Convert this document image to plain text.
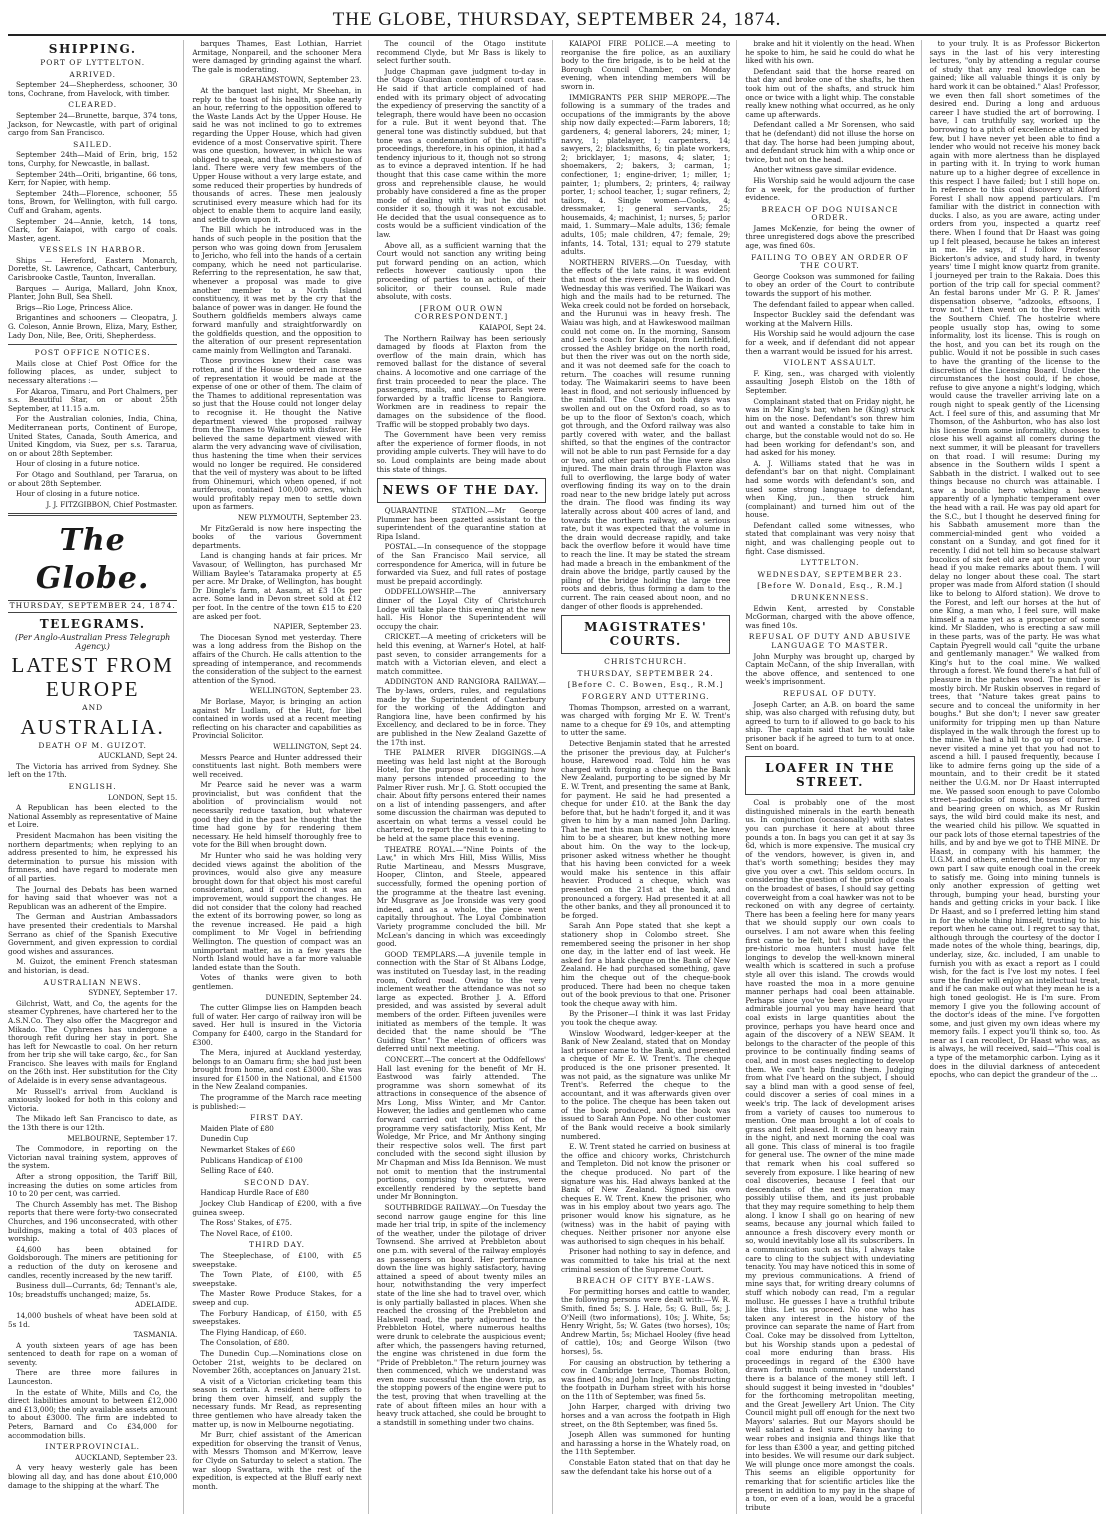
THE GLOBE, THURSDAY, SEPTEMBER 24, 1874.
SHIPPING.
PORT OF LYTTELTON.
ARRIVED.

September 24—Shepherdess, schooner, 30 tons, Cochrane, from Havelock, with timber.

CLEARED.

September 24—Brunette, barque, 374 tons, Jackson, for Newcastle, with part of original cargo from San Francisco.

SAILED.

September 24th—Maid of Erin, brig, 152 tons, Curphy, for Newcastle, in ballast.

September 24th—Oriti, brigantine, 66 tons, Kerr, for Napier, with hemp.

September 24th—Florence, schooner, 55 tons, Brown, for Wellington, with full cargo. Cuff and Graham, agents.

September 24—Annie, ketch, 14 tons, Clark, for Kaiapoi, with cargo of coals. Master, agent.

VESSELS IN HARBOR.

Ships — Hereford, Eastern Monarch, Dorette, St. Lawrence, Cathcart, Canterbury, Carisbrooke Castle, Taunton, Inverallan.

Barques — Auriga, Mallard, John Knox, Planter, John Bull, Sea Shell.

Brigs—Rio Loge, Princess Alice.

Brigantines and schooners — Cleopatra, J. G. Coleson, Annie Brown, Eliza, Mary, Esther, Lady Don, Nile, Bee, Oriti, Shepherdess.

POST OFFICE NOTICES.

Mails close at Chief Post Office for the following places, as under, subject to necessary alterations :—

For Akaroa, Timaru, and Port Chalmers, per s.s. Beautiful Star, on or about 25th September, at 11.15 a.m.

For the Australian colonies, India, China, Mediterranean ports, Continent of Europe, United States, Canada, South America, and United Kingdom, via Suez, per s.s. Tararua, on or about 28th September.

Hour of closing in a future notice.

For Otago and Southland, per Tararua, on or about 28th September.

Hour of closing in a future notice.

J. J. FITZGIBBON, Chief Postmaster.

The Globe.
THURSDAY, SEPTEMBER 24, 1874.
TELEGRAMS.
(Per Anglo-Australian Press Telegraph Agency.)
LATEST FROM EUROPE
AND
AUSTRALIA.
DEATH OF M. GUIZOT.

AUCKLAND, Sept 24.

The Victoria has arrived from Sydney. She left on the 17th.

ENGLISH.

LONDON, Sept 15.

A Republican has been elected to the National Assembly as representative of Maine et Loire.

President Macmahon has been visiting the northern departments; when replying to an address presented to him, he expressed his determination to pursue his mission with firmness, and have regard to moderate men of all parties.

The Journal des Debats has been warned for having said that whoever was not a Republican was an adherent of the Empire.

The German and Austrian Ambassadors have presented their credentials to Marshal Serrano as chief of the Spanish Executive Government, and given expression to cordial good wishes and assurances.

M. Guizot, the eminent French statesman and historian, is dead.

AUSTRALIAN NEWS.

SYDNEY, September 17.

Gilchrist, Watt, and Co, the agents for the steamer Cyphrenes, have chartered her to the A.S.N.Co. They also offer the Macgregor and Mikado. The Cyphrenes has undergone a thorough refit during her stay in port. She has left for Newcastle to coal. On her return from her trip she will take cargo, &c., for San Francisco. She leaves with mails for England on the 26th inst. Her substitution for the City of Adelaide is in every sense advantageous.

Mr Russell's arrival from Auckland is anxiously looked for both in this colony and Victoria.

The Mikado left San Francisco to date, as the 13th there is our 12th.

MELBOURNE, September 17.

The Commodore, in reporting on the Victorian naval training system, approves of the system.

After a strong opposition, the Tariff Bill, increasing the duties on some articles from 10 to 20 per cent, was carried.

The Church Assembly has met. The Bishop reports that there were forty-two consecrated Churches, and 196 unconsecrated, with other buildings, making a total of 403 places of worship.

£4,600 has been obtained for Goldsborough. The miners are petitioning for a reduction of the duty on kerosene and candles, recently increased by the new tariff.

Business dull—Currants, 6d; Tennant's ale, 10s; breadstuffs unchanged; maize, 5s.

ADELAIDE.

14,000 bushels of wheat have been sold at 5s 1d.

TASMANIA.

A youth sixteen years of age has been sentenced to death for rape on a woman of seventy.

There are three more failures in Launceston.

In the estate of White, Mills and Co, the direct liabilities amount to between £12,000 and £13,000; the only available assets amount to about £3000. The firm are indebted to Peters, Barnard and Co £34,000 for accommodation bills.

INTERPROVINCIAL.

AUCKLAND, September 23.

A very heavy westerly gale has been blowing all day, and has done about £10,000 damage to the shipping at the wharf. The

barques Thames, East Lothian, Harriet Armitage, Nonpareil, and the schooner Mera were damaged by grinding against the wharf. The gale is moderating.

GRAHAMSTOWN, September 23.

At the banquet last night, Mr Sheehan, in reply to the toast of his health, spoke nearly an hour, referring to the opposition offered to the Waste Lands Act by the Upper House. He said he was not inclined to go to extremes regarding the Upper House, which had given evidence of a most Conservative spirit. There was one question, however, in which he was obliged to speak, and that was the question of land. There were very few members of the Upper House without a very large estate, and some reduced their properties by hundreds of thousands of acres. These men jealously scrutinised every measure which had for its object to enable them to acquire land easily, and settle down upon it.

The Bill which he introduced was in the hands of such people in the position that the person who was going down from Jerusalem to Jericho, who fell into the hands of a certain company, which he need not particularise. Referring to the representation, he saw that, whenever a proposal was made to give another member to a North Island constituency, it was met by the cry that the balance of power was in danger. He found the Southern goldfields members always came forward manfully and straightforwardly on the goldfields question, and the opposition to the alteration of our present representation came mainly from Wellington and Taranaki.

Those provinces knew their case was rotten, and if the House ordered an increase of representation it would be made at the expense of one or other of them. The claim of the Thames to additional representation was so just that the House could not longer delay to recognise it. He thought the Native department viewed the proposed railway from the Thames to Waikato with disfavor. He believed the same department viewed with alarm the very advancing wave of civilisation, thus hastening the time when their services would no longer be required. He considered that the veil of mystery was about to be lifted from Ohinemuri, which when opened, if not auriferous, contained 100,000 acres, which would profitably repay men to settle down upon as farmers.

NEW PLYMOUTH, September 23.

Mr FitzGerald is now here inspecting the books of the various Government departments.

Land is changing hands at fair prices. Mr Vavasour, of Wellington, has purchased Mr William Baylee's Tataramaka property at £5 per acre. Mr Drake, of Wellington, has bought Dr Dingle's farm, at Aasam, at £3 10s per acre. Some land in Devon street sold at £12 per foot. In the centre of the town £15 to £20 are asked per foot.

NAPIER, September 23.

The Diocesan Synod met yesterday. There was a long address from the Bishop on the affairs of the Church. He calls attention to the spreading of intemperance, and recommends the consideration of the subject to the earnest attention of the Synod.

WELLINGTON, September 23.

Mr Borlase, Mayor, is bringing an action against Mr Ludlam, of the Hutt, for libel contained in words used at a recent meeting reflecting on his character and capabilities as Provincial Solicitor.

WELLINGTON, Sept 24.

Messrs Pearce and Hunter addressed their constituents last night. Both members were well received.

Mr Pearce said he never was a warm provincialist, but was confident that the abolition of provincialism would not necessarily reduce taxation, but whatever good they did in the past he thought that the time had gone by for rendering them necessary. He held himself thoroughly free to vote for the Bill when brought down.

Mr Hunter who said he was holding very decided views against the abolition of the provinces, would also give any measure brought down for that object his most careful consideration, and if convinced it was an improvement, would support the changes. He did not consider that the colony had reached the extent of its borrowing power, so long as the revenue increased. He paid a high compliment to Mr Vogel in befriending Wellington. The question of compact was an unimportant matter, as in a few years the North Island would have a far more valuable landed estate than the South.

Votes of thanks were given to both gentlemen.

DUNEDIN, September 24.

The cutter Glimpse lies on Hampden beach full of water. Her cargo of railway iron will be saved. Her hull is insured in the Victoria Company for £400, cargo in the Standard for £300.

The Mera, injured at Auckland yesterday, belongs to an Oamaru firm; she had just been brought from home, and cost £3000. She was insured for £1500 in the National, and £1500 in the New Zealand companies.

The programme of the March race meeting is published:—

FIRST DAY.

Maiden Plate of £80

Dunedin Cup

Newmarket Stakes of £60

Publicans Handicap of £100

Selling Race of £40.

SECOND DAY.

Handicap Hurdle Race of £80

Jockey Club Handicap of £200, with a five guinea sweep.

The Ross' Stakes, of £75.

The Novel Race, of £100.

THIRD DAY.

The Steeplechase, of £100, with £5 sweepstake.

The Town Plate, of £100, with £5 sweepstake.

The Master Rowe Produce Stakes, for a sweep and cup.

The Forbury Handicap, of £150, with £5 sweepstakes.

The Flying Handicap, of £60.

The Consolation, of £80.

The Dunedin Cup.—Nominations close on October 21st, weights to be declared on November 26th, acceptances on January 21st.

A visit of a Victorian cricketing team this season is certain. A resident here offers to bring them over himself, and supply the necessary funds. Mr Read, as representing three gentlemen who have already taken the matter up, is now in Melbourne negotiating.

Mr Burr, chief assistant of the American expedition for observing the transit of Venus, with Messrs Thomson and M'Kerrow, leave for Clyde on Saturday to select a station. The war sloop Swattara, with the rest of the expedition, is expected at the Bluff early next month.

The council of the Otago institute recommend Clyde, but Mr Bass is likely to select further south.

Judge Chapman gave judgment to-day in the Otago Guardian contempt of court case. He said if that article complained of had ended with its primary object of advocating the expediency of preserving the sanctity of a telegraph, there would have been no occasion for a rule. But it went beyond that. The general tone was distinctly subdued, but that tone was a condemnation of the plaintiff's proceedings, therefore, in his opinion, it had a tendency injurious to it, though not so strong as to evince a depraved intention. If he had thought that this case came within the more gross and reprehensible clause, he would probably have considered a fine as the proper mode of dealing with it; but he did not consider it so, though it was not excusable. He decided that the usual consequence as to costs would be a sufficient vindication of the law.

Above all, as a sufficient warning that the Court would not sanction any writing being put forward pending on an action, which reflects however cautiously upon the proceeding of parties to an action, of their solicitor, or their counsel. Rule made absolute, with costs.

[FROM OUR OWN CORRESPONDENT.]

KAIAPOI, Sept 24.

The Northern Railway has been seriously damaged by floods at Flaxton from the overflow of the main drain, which has removed ballast for the distance of several chains. A locomotive and one carriage of the first train proceeded to near the place. The passengers, mails, and Press parcels were forwarded by a traffic license to Rangiora. Workmen are in readiness to repair the damages on the subsidence of the flood. Traffic will be stopped probably two days.

The Government have been very remiss after the experience of former floods, in not providing ample culverts. They will have to do so. Loud complaints are being made about this state of things.

NEWS OF THE DAY.

QUARANTINE STATION.—Mr George Plummer has been gazetted assistant to the superintendent of the quarantine station at Ripa Island.

POSTAL.—In consequence of the stoppage of the San Francisco Mail service, all correspondence for America, will in future be forwarded via Suez, and full rates of postage must be prepaid accordingly.

ODDFELLOWSHIP.—The anniversary dinner of the Loyal City of Christchurch Lodge will take place this evening at the new hall. His Honor the Superintendent will occupy the chair.

CRICKET.—A meeting of cricketers will be held this evening, at Warner's Hotel, at half-past seven, to consider arrangements for a match with a Victorian eleven, and elect a match committee.

ADDINGTON AND RANGIORA RAILWAY.—The by-laws, orders, rules, and regulations made by the Superintendent of Canterbury for the working of the Addington and Rangiora line, have been confirmed by his Excellency, and declared to be in force. They are published in the New Zealand Gazette of the 17th inst.

THE PALMER RIVER DIGGINGS.—A meeting was held last night at the Borough Hotel, for the purpose of ascertaining how many persons intended proceeding to the Palmer River rush. Mr J. G. Stott occupied the chair. About fifty persons entered their names on a list of intending passengers, and after some discussion the chairman was deputed to ascertain on what terms a vessel could be chartered, to report the result to a meeting to be held at the same place this evening.

THEATRE ROYAL.—"Nine Points of the Law," in which Mrs Hill, Miss Willis, Miss Rutie Martineau, and Messrs Musgrave, Hooper, Clinton, and Steele, appeared successfully, formed the opening portion of the programme at the theatre last evening. Mr Musgrave as Joe Ironside was very good indeed, and as a whole, the piece went capitally throughout. The Loyal Combination Variety programme concluded the bill. Mr McLean's dancing in which was exceedingly good.

GOOD TEMPLARS.—A juvenile temple in connection with the Star of St Albans Lodge, was instituted on Tuesday last, in the reading room, Oxford road. Owing to the very inclement weather the attendance was not so large as expected. Brother J. A. Efford presided, and was assisted by several adult members of the order. Fifteen juveniles were initiated as members of the temple. It was decided that the name should be "The Guiding Star." The election of officers was deferred until next meeting.

CONCERT.—The concert at the Oddfellows' Hall last evening for the benefit of Mr H. Eastwood was fairly attended. The programme was shorn somewhat of its attractions in consequence of the absence of Mrs Long, Miss Winter, and Mr Cantor. However, the ladies and gentlemen who came forward carried out their portion of the programme very satisfactorily, Miss Kent, Mr Woledge, Mr Price, and Mr Anthony singing their respective solos well. The first part concluded with the second sight illusion by Mr Chapman and Miss Ida Bennison. We must not omit to mention that the instrumental portions, comprising two overtures, were excellently rendered by the septette band under Mr Bonnington.

SOUTHBRIDGE RAILWAY.—On Tuesday the second narrow gauge engine for this line made her trial trip, in spite of the inclemency of the weather, under the pilotage of driver Townsend. She arrived at Prebbleton about one p.m. with several of the railway employés as passengers on board. Her performance down the line was highly satisfactory, having attained a speed of about twenty miles an hour, notwithstanding the very imperfect state of the line she had to travel over, which is only partially ballasted in places. When she reached the crossing of the Prebbleton and Halswell road, the party adjourned to the Prebbleton Hotel, where numerous healths were drunk to celebrate the auspicious event; after which, the passengers having returned, the engine was christened in due form the "Pride of Prebbleton." The return journey was then commenced, which we understand was even more successful than the down trip, as the stopping powers of the engine were put to the test, proving that when travelling at the rate of about fifteen miles an hour with a heavy truck attached, she could be brought to a standstill in something under two chains.

KAIAPOI FIRE POLICE.—A meeting to reorganise the fire police, as an auxiliary body to the fire brigade, is to be held at the Borough Council Chamber, on Monday evening, when intending members will be sworn in.

IMMIGRANTS PER SHIP MEROPE.—The following is a summary of the trades and occupations of the immigrants by the above ship now daily expected:—Farm laborers, 18; gardeners, 4; general laborers, 24; miner, 1; navvy, 1; platelayer, 1; carpenters, 14; sawyers, 2; blacksmiths, 6; tin plate workers, 2; bricklayer, 1; masons, 4; slater, 1; shoemakers, 2; bakers, 3; carman, 1; confectioner, 1; engine-driver, 1; miller, 1; painter, 1; plumbers, 2; printers, 4; railway porter, 1; school teacher, 1; sugar refiners, 2; tailors, 4. Single women—Cooks, 4; dressmaker, 1; general servants, 25; housemaids, 4; machinist, 1; nurses, 5; parlor maid, 1. Summary—Male adults, 136; female adults, 105; male children, 47; female, 29; infants, 14. Total, 131; equal to 279 statute adults.

NORTHERN RIVERS.—On Tuesday, with the effects of the late rains, it was evident that most of the rivers would be in flood. On Wednesday this was verified. The Waikari was high and the mails had to be returned. The Weka creek could not be forded on horseback, and the Hurunui was in heavy fresh. The Waiau was high, and at Hawkeswood mailman could not come on. In the morning, Sansom and Lee's coach for Kaiapoi, from Leithfield, crossed the Ashley bridge on the north road, but then the river was out on the north side, and it was not deemed safe for the coach to return. The coaches will resume running today. The Waimakariri seems to have been least in flood, and not seriously influenced by the rainfall. The Cust on both days was swollen and out on the Oxford road, so as to be up to the floor of Sexton's coach, which got through, and the Oxford railway was also partly covered with water, and the ballast shifted, so that the engines of the contractor will not be able to run past Fernside for a day or two, and other parts of the line were also injured. The main drain through Flaxton was full to overflowing, the large body of water overflowing finding its way on to the drain road near to the new bridge lately put across the drain. The flood was finding its way laterally across about 400 acres of land, and towards the northern railway, at a serious rate, but it was expected that the volume in the drain would decrease rapidly, and take back the overflow before it would have time to reach the line. It may be stated the stream had made a breach in the embankment of the drain above the bridge, partly caused by the piling of the bridge holding the large tree roots and debris, thus forming a dam to the current. The rain ceased about noon, and no danger of other floods is apprehended.

MAGISTRATES' COURTS.
CHRISTCHURCH.
THURSDAY, SEPTEMBER 24.
[Before C. C. Bowen, Esq., R.M.]
FORGERY AND UTTERING.

Thomas Thompson, arrested on a warrant, was charged with forging Mr E. W. Trent's name to a cheque for £9 10s, and attempting to utter the same.

Detective Benjamin stated that he arrested the prisoner the previous day, at Fulcher's house, Harewood road. Told him he was charged with forging a cheque on the Bank New Zealand, purporting to be signed by Mr E. W. Trent, and presenting the same at Bank, for payment. He said he had presented a cheque for under £10. at the Bank the day before that, but he hadn't forged it, and it was given to him by a man named John Darling. That he met this man in the street, he knew him to be a shearer, but knew nothing more about him. On the way to the lock-up, prisoner asked witness whether he thought that his having been convicted for a week would make his sentence in this affair heavier. Produced a cheque, which was presented on the 21st at the bank, and pronounced a forgery. Had presented it at all the other banks, and they all pronounced it to be forged.

Sarah Ann Pope stated that she kept a stationery shop in Colombo street. She remembered seeing the prisoner in her shop one day, in the latter end of last week. He asked for a blank cheque on the Bank of New Zealand. He had purchased something, gave him the cheque out of the cheque-book produced. There had been no cheque taken out of the book previous to that one. Prisoner took the cheque away with him.

By the Prisoner—I think it was last Friday you took the cheque away.

Winslow Woodward, ledger-keeper at the Bank of New Zealand, stated that on Monday last prisoner came to the Bank, and presented a cheque of Mr E. W. Trent's. The cheque produced is the one prisoner presented. It was not paid, as the signature was unlike Mr Trent's. Referred the cheque to the accountant, and it was afterwards given over to the police. The cheque has been taken out of the book produced, and the book was issued to Sarah Ann Pope. No other customer of the Bank would receive a book similarly numbered.

E. W. Trent stated he carried on business at the office and chicory works, Christchurch and Templeton. Did not know the prisoner or the cheque produced. No part of the signature was his. Had always banked at the Bank of New Zealand. Signed his own cheques E. W. Trent. Knew the prisoner, who was in his employ about two years ago. The prisoner would know his signature, as he (witness) was in the habit of paying with cheques. Neither prisoner nor anyone else was authorised to sign cheques in his behalf.

Prisoner had nothing to say in defence, and was committed to take his trial at the next criminal session of the Supreme Court.

BREACH OF CITY BYE-LAWS.

For permitting horses and cattle to wander, the following persons were dealt with:—W. R. Smith, fined 5s; S. J. Hale, 5s; G. Bull, 5s; J. O'Neill (two informations), 10s; J. White, 5s; Henry Wright, 5s; W. Gates (two horses), 10s; Andrew Martin, 5s; Michael Hooley (five head of cattle), 10s; and George Wilson (two horses), 5s.

For causing an obstruction by tethering a cow in Cambridge terrace, Thomas Bolton, was fined 10s; and John Inglis, for obstructing the footpath in Durham street with his horse on the 11th of September, was fined 5s.

John Harper, charged with driving two horses and a van across the footpath in High street, on the 8th September, was fined 5s.

Joseph Allen was summoned for hunting and harassing a horse in the Whately road, on the 11th September.

Constable Eaton stated that on that day he saw the defendant take his horse out of a

brake and hit it violently on the head. When he spoke to him, he said he could do what he liked with his own.

Defendant said that the horse reared on that day and broke one of the shafts, he then took him out of the shafts, and struck him once or twice with a light whip. The constable really knew nothing what occurred, as he only came up afterwards.

Defendant called a Mr Sorensen, who said that he (defendant) did not illuse the horse on that day. The horse had been jumping about, and defendant struck him with a whip once or twice, but not on the head.

Another witness gave similar evidence.

His Worship said he would adjourn the case for a week, for the production of further evidence.

BREACH OF DOG NUISANCE ORDER.

James McKenzie, for being the owner of three unregistered dogs above the prescribed age, was fined 60s.

FAILING TO OBEY AN ORDER OF THE COURT.

George Cookson was summoned for failing to obey an order of the Court to contribute towards the support of his mother.

The defendant failed to appear when called.

Inspector Buckley said the defendant was working at the Malvern Hills.

His Worship said he would adjourn the case for a week, and if defendant did not appear then a warrant would be issued for his arrest.

VIOLENT ASSAULT.

F. King, sen., was charged with violently assaulting Joseph Elstob on the 18th of September.

Complainant stated that on Friday night, he was in Mr King's bar, when he (King) struck him on the nose. Defendant's son threw him out and wanted a constable to take him in charge, but the constable would not do so. He had been working for defendant's son, and had asked for his money.

A. J. Williams stated that he was in defendant's bar on that night. Complainant had some words with defendant's son, and used some strong language to defendant, when King, jun., then struck him (complainant) and turned him out of the house.

Defendant called some witnesses, who stated that complainant was very noisy that night, and was challenging people out to fight. Case dismissed.

LYTTELTON.
WEDNESDAY, SEPTEMBER 23.
[Before W. Donald, Esq., R.M.]
DRUNKENNESS.

Edwin Kent, arrested by Constable McGorman, charged with the above offence, was fined 10s.

REFUSAL OF DUTY AND ABUSIVE LANGUAGE TO MASTER.

John Murphy was brought up, charged by Captain McCann, of the ship Inverallan, with the above offence, and sentenced to one week's imprisonment.

REFUSAL OF DUTY.

Joseph Carter, an A.B. on board the same ship, was also charged with refusing duty, but agreed to turn to if allowed to go back to his ship. The captain said that he would take prisoner back if he agreed to turn to at once. Sent on board.

LOAFER IN THE STREET.

Coal is probably one of the most distinguished minerals in the earth beneath us. In conjunction (occasionally) with slates you can purchase it here at about three pounds a ton. In bags you can get it at say 3s 6d, which is more expensive. The musical cry of the vendors, however, is given in, and that's worth something; besides they may give you over a cwt. This seldom occurs. In considering the question of the price of coals on the broadest of bases, I should say getting coverweight from a coal hawker was not to be reckoned on with any degree of certainty. There has been a feeling here for many years that we should supply our own coals to ourselves. I am not aware when this feeling first came to be felt, but I should judge the pre-historic moa hunters must have felt longings to develop the well-known mineral wealth which is scattered in such a profuse style all over this island. The crowds would have roasted the moa in a more genuine manner perhaps had coal been attainable. Perhaps since you've been engineering your admirable journal you may have heard that coal exists in large quantities about the province, perhaps you have heard once and again of the discovery of a NEW SEAM. It belongs to the character of the people of this province to be continually finding seams of coal, and in most cases neglecting to develop them. We can't help finding them. Judging from what I've heard on the subject, I should say a blind man with a good sense of feel, could discover a series of coal mines in a week's trip. The lack of development arises from a variety of causes too numerous to mention. One man brought a lot of coals to grass and felt pleased. It came on heavy rain in the night, and next morning the coal was all gone. This class of mineral is too fragile for general use. The owner of the mine made that remark when his coal suffered so severely from exposure. I like hearing of new coal discoveries, because I feel that our descendants of the next generation may possibly utilise them, and its just probable that they may require something to help them along. I know I shall go on hearing of new seams, because any journal which failed to announce a fresh discovery every month or so, would inevitably lose all its subscribers. In a communication such as this, I always take care to cling to the subject with undeviating tenacity. You may have noticed this in some of my previous communications. A friend of mine says that, for writing dreary columns of stuff which nobody can read, I'm a regular mollusc. He guesses I have a truthful tribute like this. Let us proceed. No one who has taken any interest in the history of the province can separate the name of Hart from Coal. Coke may be dissolved from Lyttelton, but his Worship stands upon a pedestal of coal more enduring than brass. His proceedings in regard of the £300 have drawn forth much comment. I understand there is a balance of the money still left. I should suggest it being invested in "doubles" for the forthcoming metropolitan meeting, and the Great Jewellery Art Union. The City Council might pull off enough for the next two Mayors' salaries. But our Mayors should be well salaried a feel sure. Fancy having to wear robes and insignia and things like that for less than £300 a year, and getting pitched into besides. We will resume our dark subject. We will plunge once more amongst the coals. This seems an eligible opportunity for remarking that for scientific articles like the present in addition to my pay in the shape of a ton, or even of a loan, would be a graceful tribute

to your truly. It is as Professor Bickerton says in the last of his very interesting lectures, "only by attending a regular course of study that any real knowledge can be gained; like all valuable things it is only by hard work it can be obtained." Alas! Professor, we even then fall short sometimes of the desired end. During a long and arduous career I have studied the art of borrowing. I have, I can truthfully say, worked up the borrowing to a pitch of excellence attained by few, but I have never yet been able to find a lender who would not receive his money back again with more alertness than he displayed in parting with it. In trying to work human nature up to a higher degree of excellence in this respect I have failed; but I still hope on. In reference to this coal discovery at Alford Forest I shall now append particulars. I'm familiar with the district in connection with ducks. I also, as you are aware, acting under orders from you, inspected a quartz reef there. When I found that Dr Haast was going up I felt pleased, because he takes an interest in me. He says, if I follow Professor Bickerton's advice, and study hard, in twenty years' time I might know quartz from granite. I journeyed per train to the Rakaia. Does this portion of the trip call for special comment? An festal barons under Mr G. P. R. James' dispensation observe, "adzooks, eftsoons, I trow not." I then went on to the Forest with the Southern Chief. The hostelrie where people usually stop has, owing to some informality, lost its license. This is rough on the host, and you can bet its rough on the public. Would it not be possible in such cases to have the granting of the license to the discretion of the Licensing Board. Under the circumstances the host could, if he chose, refuse to give anyone a night's lodging, which would cause the traveller arriving late on a rough night to speak gently of the Licensing Act. I feel sure of this, and assuming that Mr Thomson, of the Ashburton, who has also lost his license from some informality, chooses to close his well against all comers during the next summer, it will be pleasant for travellers on that road. I will resume: During my absence in the Southern wilds I spent a Sabbath in the district. I walked out to see things because no church was attainable. I saw a bucolic hero whacking a heave apparently of a lymphatic temperament over the head with a rail. He was pay old apart for the S.C., but I thought he deserved fining for his Sabbath amusement more than the commercial-minded gent who voided a constant on a Sunday, and got fined for it recently. I did not tell him so because stalwart bucolics of six feet old are apt to punch your head if you make remarks about them. I will delay no longer about these coal. The start proper was made from Alford station (I should like to belong to Alford station). We drove to the Forest, and left our horses at the hut of one King, a man who, I feel sure, will make himself a name yet as a prospector of some kind. Mr Sladden, who is erecting a saw mill in these parts, was of the party. He was what Captain Pyegrell would call "quite the urbane and gentlemanly manager." We walked from King's hut to the coal mine. We walked through a forest. We found there's a hat full of pleasure in the patches wood. The timber is mostly birch. Mr Ruskin observes in regard of trees, that "Nature takes great pains to secure and to conceal the uniformity in her boughs." But she don't; I never saw greater uniformity for tripping men up than Nature displayed in the walk through the forest up to the mine. We had a hill to go up of course. I never visited a mine yet that you had not to ascend a hill. I paused frequently, because I like to admire ferns going up the side of a mountain, and to their credit be it stated neither the U.G.M. nor Dr Haast interrupted me. We passed soon enough to pave Colombo street—paddocks of moss, bosses of furred and bearing green on which, as Mr Ruskin says, the wild bird could make its nest, and the wearied child his pillow. We squatted in our pack lots of those eternal tapestries of the hills, and by and bye we got to THE MINE. Dr Haast, in company with his hammer, the U.G.M. and others, entered the tunnel. For my own part I saw quite enough coal in the creek to satisfy me. Going into mining tunnels is only another expression of getting wet through, bumping your head, bursting your hands and getting cricks in your back. I like Dr Haast, and so I preferred letting him stand in for the whole thing himself, trusting to his report when he came out. I regret to say that, although through the courtesy of the doctor I made notes of the whole thing, bearings, dip, underlay, size, &c. included, I am unable to furnish you with as exact a report as I could wish, for the fact is I've lost my notes. I feel sure the finder will enjoy an intellectual treat, and if he can make out what they mean he is a high toned geologist. He is I'm sure. From memory I give you the following account of the doctor's ideas of the mine. I've forgotten some, and just given my own ideas where my memory fails. I expect you'll think so, too. As near as I can recollect, Dr Haast who was, as is always, he will received, said—"This coal is a type of the metamorphic carbon. Lying as it does in the diluvial darkness of antecedent epochs, who can depict the grandeur of the ...
